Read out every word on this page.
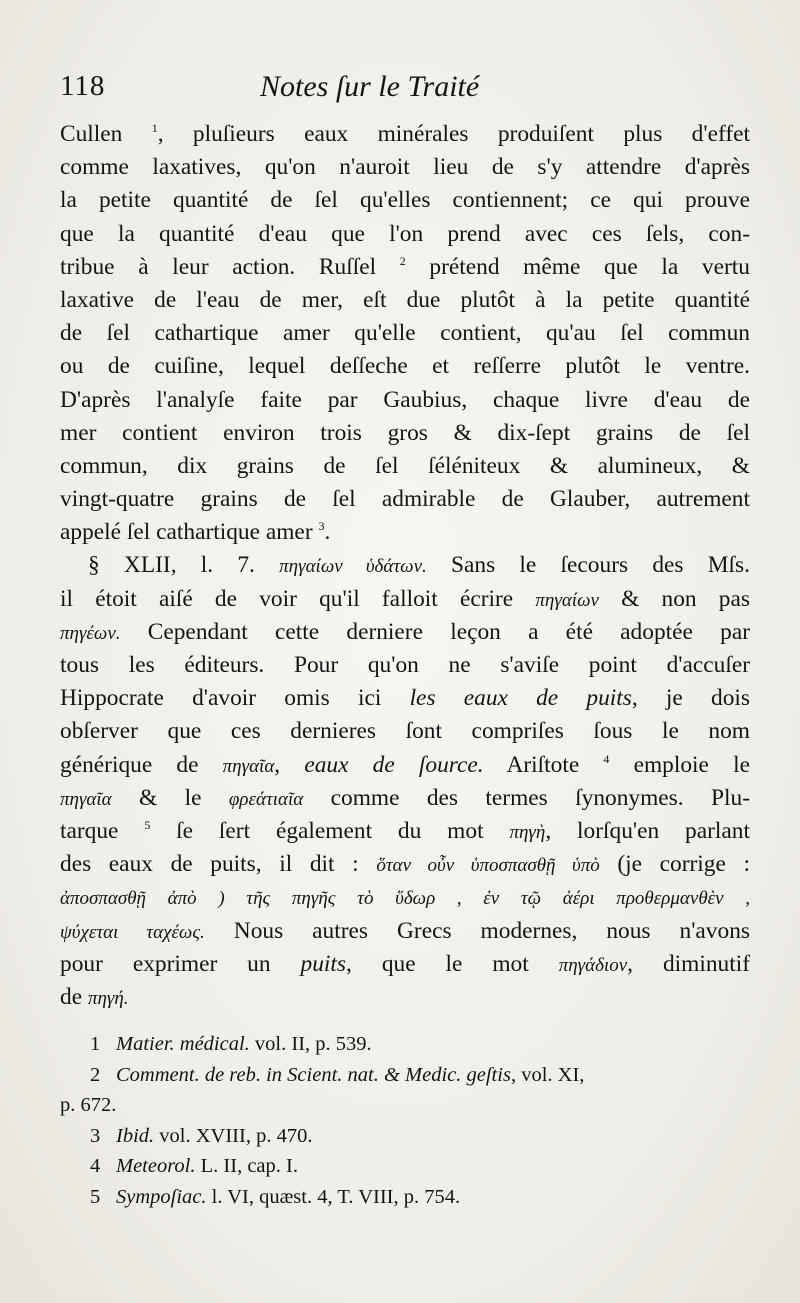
118	Notes ſur le Traité
Cullen $^1$, pluſieurs eaux minérales produiſent plus d'effet
comme laxatives, qu'on n'auroit lieu de s'y attendre d'après
la petite quantité de ſel qu'elles contiennent; ce qui prouve
que la quantité d'eau que l'on prend avec ces ſels, con-
tribue à leur action. Ruſſel $^2$ prétend même que la vertu
laxative de l'eau de mer, eſt due plutôt à la petite quantité
de ſel cathartique amer qu'elle contient, qu'au ſel commun
ou de cuiſine, lequel deſſeche et reſſerre plutôt le ventre.
D'après l'analyſe faite par Gaubius, chaque livre d'eau de
mer contient environ trois gros & dix-ſept grains de ſel
commun, dix grains de ſel ſéléniteux & alumineux, &
vingt-quatre grains de ſel admirable de Glauber, autrement
appelé ſel cathartique amer $^3$.
§ XLII, l. 7. πηγαίων ὑδάτων. Sans le ſecours des Mſs.
il étoit aiſé de voir qu'il falloit écrire πηγαίων & non pas
πηγέων. Cependant cette derniere leçon a été adoptée par
tous les éditeurs. Pour qu'on ne s'aviſe point d'accuſer
Hippocrate d'avoir omis ici les eaux de puits, je dois
obſerver que ces dernieres ſont compriſes ſous le nom
générique de πηγαῖα, eaux de ſource. Ariſtote $^4$ emploie le
πηγαῖα & le φρεάτιαῖα comme des termes ſynonymes. Plu-
tarque $^5$ ſe ſert également du mot πηγὴ, lorſqu'en parlant
des eaux de puits, il dit : ὅταν οὖν ὑποσπασθῇ ὑπὸ (je corrige :
ἀποσπασθῇ ἀπὸ ) τῆς πηγῆς τὸ ὕδωρ , ἐν τῷ ἀέρι προθερμανθὲν ,
ψύχεται ταχέως. Nous autres Grecs modernes, nous n'avons
pour exprimer un puits, que le mot πηγάδιον, diminutif
de πηγή.
1 Matier. médical. vol. II, p. 539.
2 Comment. de reb. in Scient. nat. & Medic. geſtis, vol. XI,
p. 672.
3 Ibid. vol. XVIII, p. 470.
4 Meteorol. L. II, cap. I.
5 Sympoſiac. l. VI, quæst. 4, T. VIII, p. 754.
